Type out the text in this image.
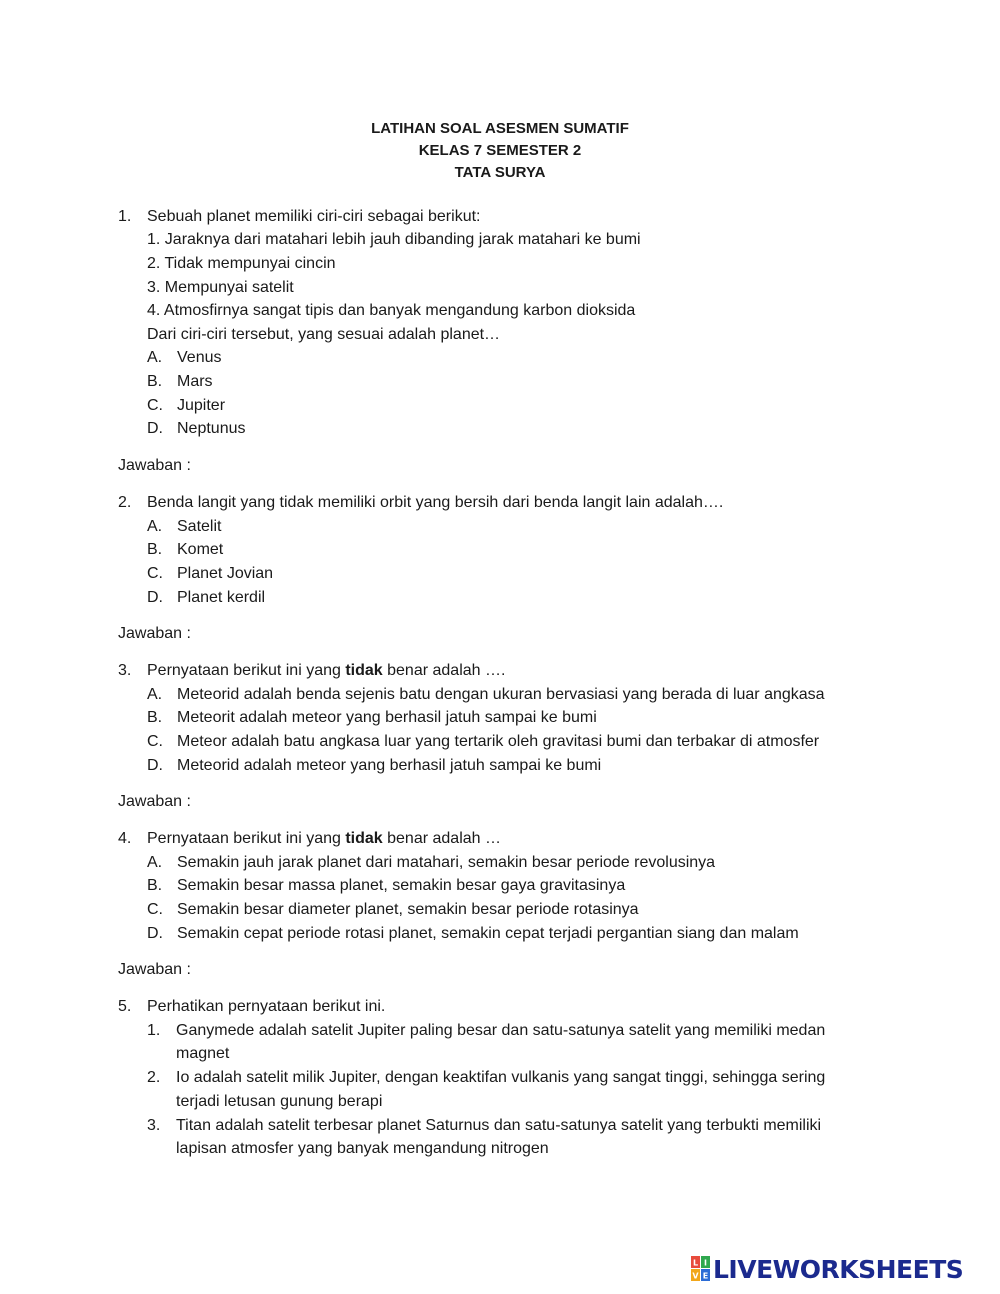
LATIHAN SOAL ASESMEN SUMATIF
KELAS 7 SEMESTER 2
TATA SURYA
1. Sebuah planet memiliki ciri-ciri sebagai berikut:
1. Jaraknya dari matahari lebih jauh dibanding jarak matahari ke bumi
2. Tidak mempunyai cincin
3. Mempunyai satelit
4. Atmosfirnya sangat tipis dan banyak mengandung karbon dioksida
Dari ciri-ciri tersebut, yang sesuai adalah planet…
A. Venus
B. Mars
C. Jupiter
D. Neptunus
Jawaban :
2. Benda langit yang tidak memiliki orbit yang bersih dari benda langit lain adalah….
A. Satelit
B. Komet
C. Planet Jovian
D. Planet kerdil
Jawaban :
3. Pernyataan berikut ini yang tidak benar adalah ….
A. Meteorid adalah benda sejenis batu dengan ukuran bervasiasi yang berada di luar angkasa
B. Meteorit adalah meteor yang berhasil jatuh sampai ke bumi
C. Meteor adalah batu angkasa luar yang tertarik oleh gravitasi bumi dan terbakar di atmosfer
D. Meteorid adalah meteor yang berhasil jatuh sampai ke bumi
Jawaban :
4. Pernyataan berikut ini yang tidak benar adalah …
A. Semakin jauh jarak planet dari matahari, semakin besar periode revolusinya
B. Semakin besar massa planet, semakin besar gaya gravitasinya
C. Semakin besar diameter planet, semakin besar periode rotasinya
D. Semakin cepat periode rotasi planet, semakin cepat terjadi pergantian siang dan malam
Jawaban :
5. Perhatikan pernyataan berikut ini.
1. Ganymede adalah satelit Jupiter paling besar dan satu-satunya satelit yang memiliki medan
magnet
2. Io adalah satelit milik Jupiter, dengan keaktifan vulkanis yang sangat tinggi, sehingga sering
terjadi letusan gunung berapi
3. Titan adalah satelit terbesar planet Saturnus dan satu-satunya satelit yang terbukti memiliki
lapisan atmosfer yang banyak mengandung nitrogen
L I
V E LIVEWORKSHEETS
